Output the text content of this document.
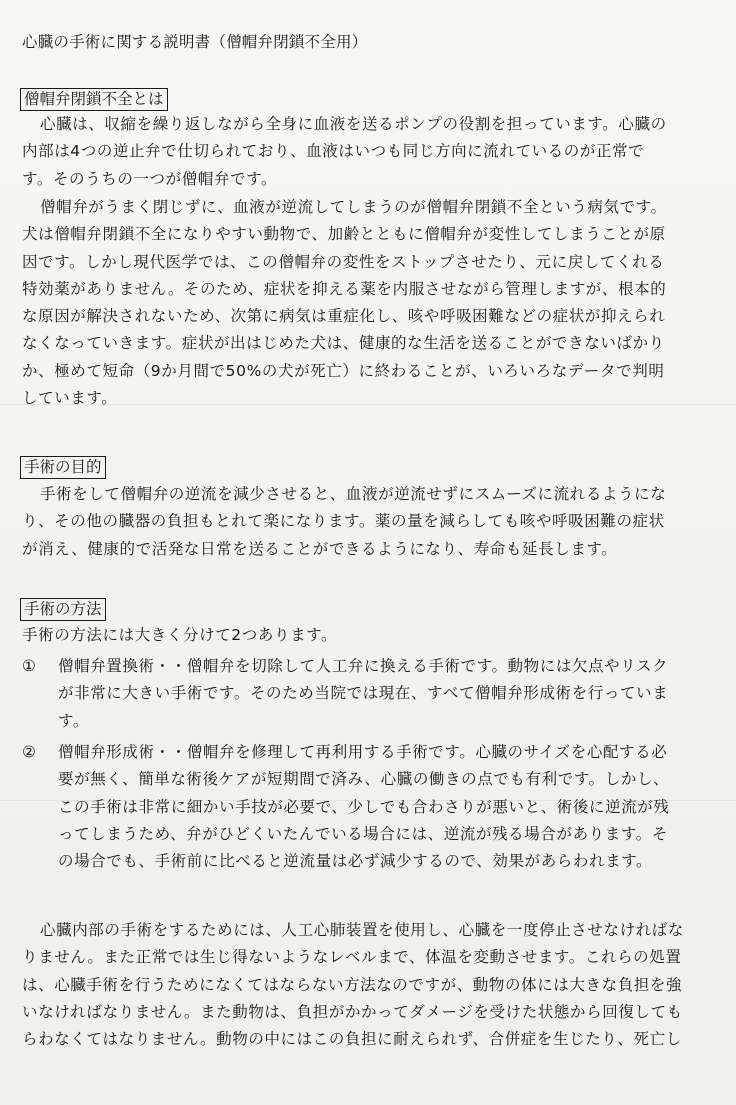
心臓の手術に関する説明書（僧帽弁閉鎖不全用）
僧帽弁閉鎖不全とは
心臓は、収縮を繰り返しながら全身に血液を送るポンプの役割を担っています。心臓の
内部は4つの逆止弁で仕切られており、血液はいつも同じ方向に流れているのが正常で
す。そのうちの一つが僧帽弁です。
僧帽弁がうまく閉じずに、血液が逆流してしまうのが僧帽弁閉鎖不全という病気です。
犬は僧帽弁閉鎖不全になりやすい動物で、加齢とともに僧帽弁が変性してしまうことが原
因です。しかし現代医学では、この僧帽弁の変性をストップさせたり、元に戻してくれる
特効薬がありません。そのため、症状を抑える薬を内服させながら管理しますが、根本的
な原因が解決されないため、次第に病気は重症化し、咳や呼吸困難などの症状が抑えられ
なくなっていきます。症状が出はじめた犬は、健康的な生活を送ることができないばかり
か、極めて短命（9か月間で50%の犬が死亡）に終わることが、いろいろなデータで判明
しています。
手術の目的
手術をして僧帽弁の逆流を減少させると、血液が逆流せずにスムーズに流れるようにな
り、その他の臓器の負担もとれて楽になります。薬の量を減らしても咳や呼吸困難の症状
が消え、健康的で活発な日常を送ることができるようになり、寿命も延長します。
手術の方法
手術の方法には大きく分けて2つあります。
① 僧帽弁置換術・・僧帽弁を切除して人工弁に換える手術です。動物には欠点やリスク
が非常に大きい手術です。そのため当院では現在、すべて僧帽弁形成術を行っていま
す。
② 僧帽弁形成術・・僧帽弁を修理して再利用する手術です。心臓のサイズを心配する必
要が無く、簡単な術後ケアが短期間で済み、心臓の働きの点でも有利です。しかし、
この手術は非常に細かい手技が必要で、少しでも合わさりが悪いと、術後に逆流が残
ってしまうため、弁がひどくいたんでいる場合には、逆流が残る場合があります。そ
の場合でも、手術前に比べると逆流量は必ず減少するので、効果があらわれます。
心臓内部の手術をするためには、人工心肺装置を使用し、心臓を一度停止させなければな
りません。また正常では生じ得ないようなレベルまで、体温を変動させます。これらの処置
は、心臓手術を行うためになくてはならない方法なのですが、動物の体には大きな負担を強
いなければなりません。また動物は、負担がかかってダメージを受けた状態から回復しても
らわなくてはなりません。動物の中にはこの負担に耐えられず、合併症を生じたり、死亡し
